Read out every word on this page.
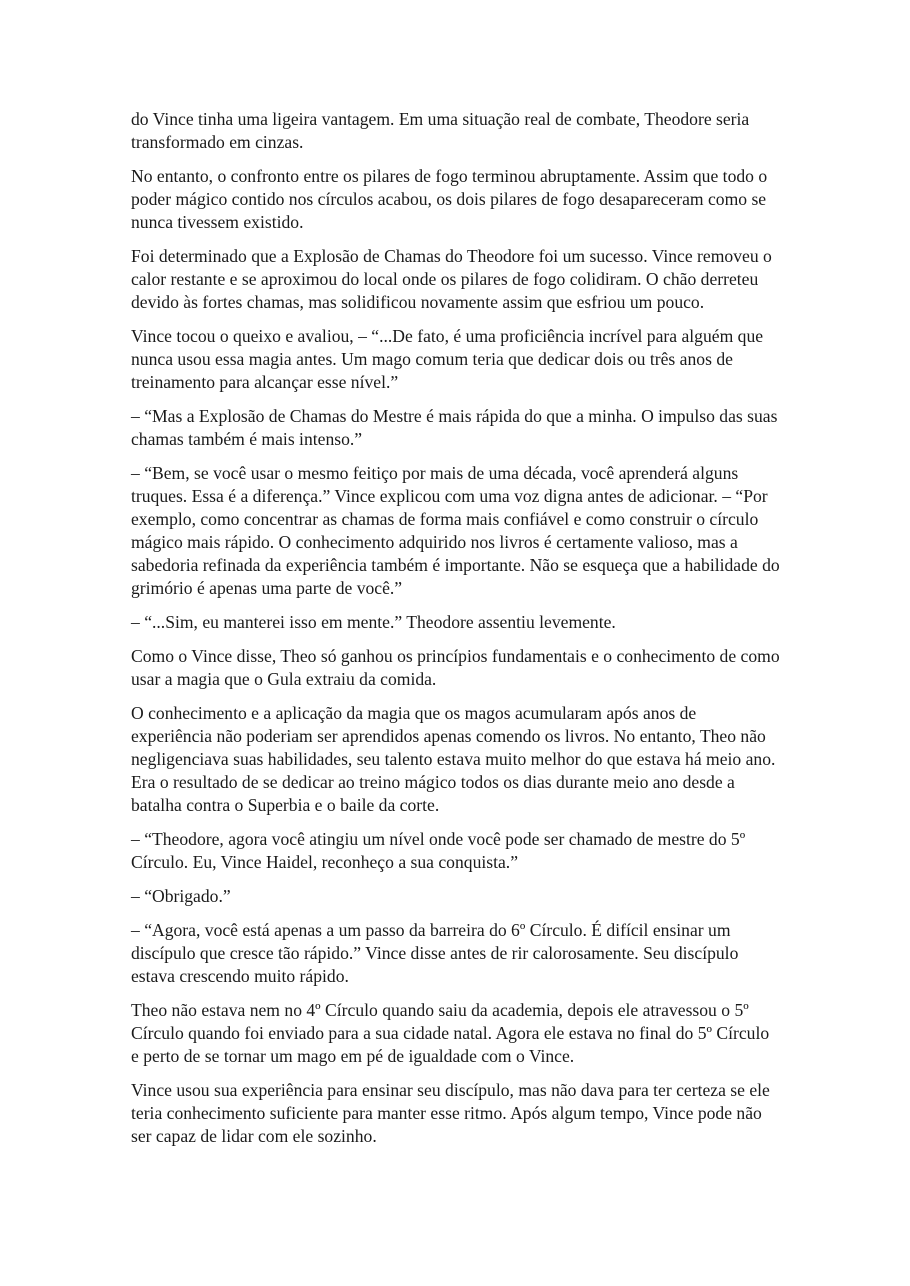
do Vince tinha uma ligeira vantagem. Em uma situação real de combate, Theodore seria transformado em cinzas.

No entanto, o confronto entre os pilares de fogo terminou abruptamente. Assim que todo o poder mágico contido nos círculos acabou, os dois pilares de fogo desapareceram como se nunca tivessem existido.

Foi determinado que a Explosão de Chamas do Theodore foi um sucesso. Vince removeu o calor restante e se aproximou do local onde os pilares de fogo colidiram. O chão derreteu devido às fortes chamas, mas solidificou novamente assim que esfriou um pouco.

Vince tocou o queixo e avaliou, – “...De fato, é uma proficiência incrível para alguém que nunca usou essa magia antes. Um mago comum teria que dedicar dois ou três anos de treinamento para alcançar esse nível.”

– “Mas a Explosão de Chamas do Mestre é mais rápida do que a minha. O impulso das suas chamas também é mais intenso.”

– “Bem, se você usar o mesmo feitiço por mais de uma década, você aprenderá alguns truques. Essa é a diferença.” Vince explicou com uma voz digna antes de adicionar. – “Por exemplo, como concentrar as chamas de forma mais confiável e como construir o círculo mágico mais rápido. O conhecimento adquirido nos livros é certamente valioso, mas a sabedoria refinada da experiência também é importante. Não se esqueça que a habilidade do grimório é apenas uma parte de você.”

– “...Sim, eu manterei isso em mente.” Theodore assentiu levemente.

Como o Vince disse, Theo só ganhou os princípios fundamentais e o conhecimento de como usar a magia que o Gula extraiu da comida.

O conhecimento e a aplicação da magia que os magos acumularam após anos de experiência não poderiam ser aprendidos apenas comendo os livros. No entanto, Theo não negligenciava suas habilidades, seu talento estava muito melhor do que estava há meio ano. Era o resultado de se dedicar ao treino mágico todos os dias durante meio ano desde a batalha contra o Superbia e o baile da corte.

– “Theodore, agora você atingiu um nível onde você pode ser chamado de mestre do 5º Círculo. Eu, Vince Haidel, reconheço a sua conquista.”

– “Obrigado.”

– “Agora, você está apenas a um passo da barreira do 6º Círculo. É difícil ensinar um discípulo que cresce tão rápido.” Vince disse antes de rir calorosamente. Seu discípulo estava crescendo muito rápido.

Theo não estava nem no 4º Círculo quando saiu da academia, depois ele atravessou o 5º Círculo quando foi enviado para a sua cidade natal. Agora ele estava no final do 5º Círculo e perto de se tornar um mago em pé de igualdade com o Vince.

Vince usou sua experiência para ensinar seu discípulo, mas não dava para ter certeza se ele teria conhecimento suficiente para manter esse ritmo. Após algum tempo, Vince pode não ser capaz de lidar com ele sozinho.
